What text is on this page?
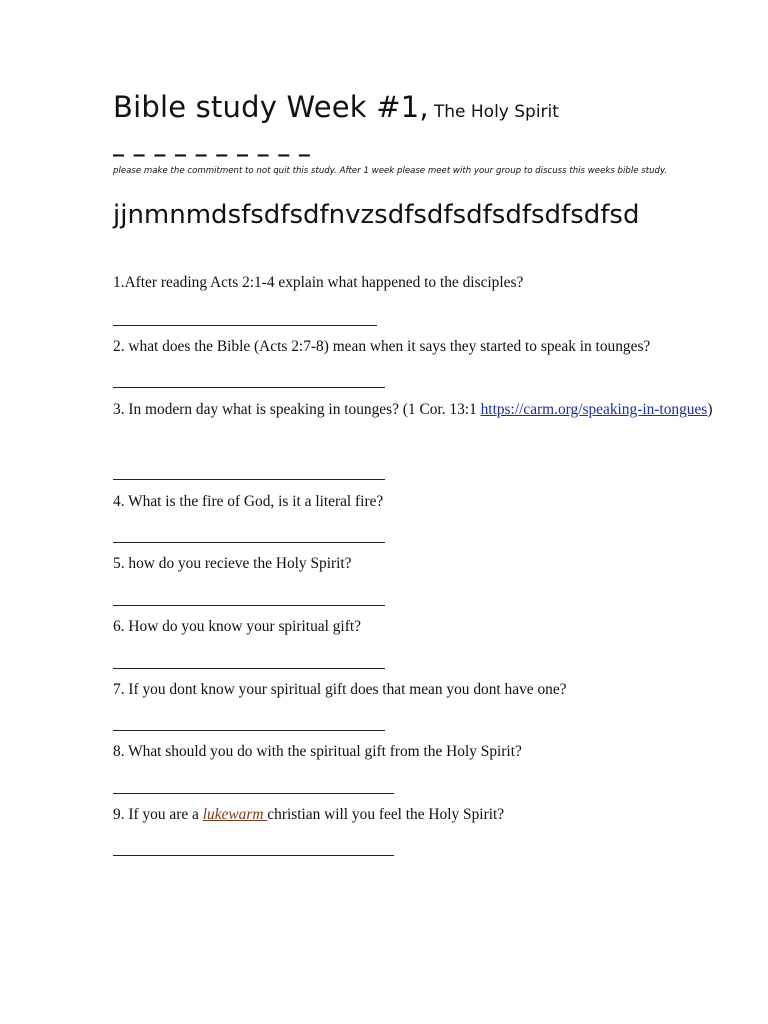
Bible study Week #1, The Holy Spirit
_ _ _ _ _ _ _ _ _ _
please make the commitment to not quit this study. After 1 week please meet with your group to discuss this weeks bible study.
jjnmnmdsfsdfsdfnvzsdfsdfsdfsdfsdfsdfsd
1.After reading Acts 2:1-4 explain what happened to the disciples?
2. what does the Bible (Acts 2:7-8) mean when it says they started to speak in tounges?
3. In modern day what is speaking in tounges? (1 Cor. 13:1 https://carm.org/speaking-in-tongues)
4. What is the fire of God, is it a literal fire?
5. how do you recieve the Holy Spirit?
6. How do you know your spiritual gift?
7. If you dont know your spiritual gift does that mean you dont have one?
8. What should you do with the spiritual gift from the Holy Spirit?
9. If you are a lukewarm christian will you feel the Holy Spirit?
